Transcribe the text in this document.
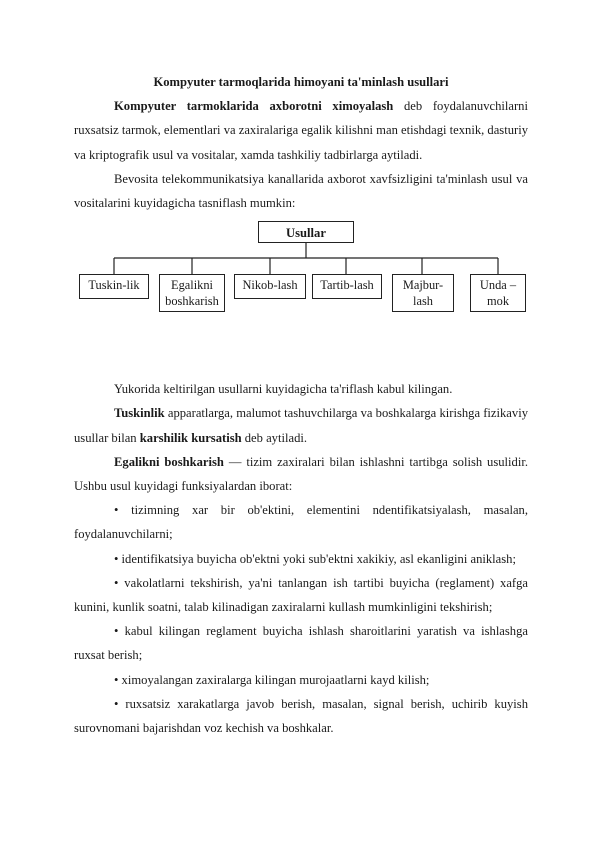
Kompyuter tarmoqlarida himoyani ta'minlash usullari

Kompyuter tarmoklarida axborotni ximoyalash deb foydalanuvchilarni ruxsatsiz tarmok, elementlari va zaxiralariga egalik kilishni man etishdagi texnik, dasturiy va kriptografik usul va vositalar, xamda tashkiliy tadbirlarga aytiladi.

Bevosita telekommunikatsiya kanallarida axborot xavfsizligini ta'minlash usul va vositalarini kuyidagicha tasniflash mumkin:

Usullar
Tuskin-lik	Egalikni
boshkarish
Nikob-lash	Tartib-lash	Majbur-
lash
Unda –
mok

Yukorida keltirilgan usullarni kuyidagicha ta'riflash kabul kilingan.

Tuskinlik apparatlarga, malumot tashuvchilarga va boshkalarga kirishga fizikaviy usullar bilan karshilik kursatish deb aytiladi.

Egalikni boshkarish — tizim zaxiralari bilan ishlashni tartibga solish usulidir. Ushbu usul kuyidagi funksiyalardan iborat:

• tizimning xar bir ob'ektini, elementini ndentifikatsiyalash, masalan, foydalanuvchilarni;

• identifikatsiya buyicha ob'ektni yoki sub'ektni xakikiy, asl ekanligini aniklash;

• vakolatlarni tekshirish, ya'ni tanlangan ish tartibi buyicha (reglament) xafga kunini, kunlik soatni, talab kilinadigan zaxiralarni kullash mumkinligini tekshirish;

• kabul kilingan reglament buyicha ishlash sharoitlarini yaratish va ishlashga ruxsat berish;

• ximoyalangan zaxiralarga kilingan murojaatlarni kayd kilish;

• ruxsatsiz xarakatlarga javob berish, masalan, signal berish, uchirib kuyish surovnomani bajarishdan voz kechish va boshkalar.
